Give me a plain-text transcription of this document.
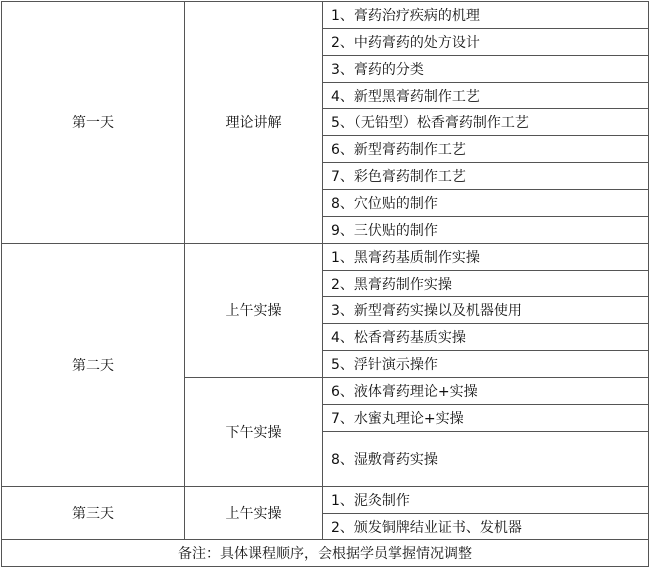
第一天	理论讲解	1、膏药治疗疾病的机理
		2、中药膏药的处方设计
		3、膏药的分类
		4、新型黑膏药制作工艺
		5、（无铅型）松香膏药制作工艺
		6、新型膏药制作工艺
		7、彩色膏药制作工艺
		8、穴位贴的制作
		9、三伏贴的制作
第二天	上午实操	1、黑膏药基质制作实操
		2、黑膏药制作实操
		3、新型膏药实操以及机器使用
		4、松香膏药基质实操
		5、浮针演示操作
	下午实操	6、液体膏药理论+实操
		7、水蜜丸理论+实操
		8、湿敷膏药实操
第三天	上午实操	1、泥灸制作
		2、颁发铜牌结业证书、发机器
备注：具体课程顺序，会根据学员掌握情况调整		
